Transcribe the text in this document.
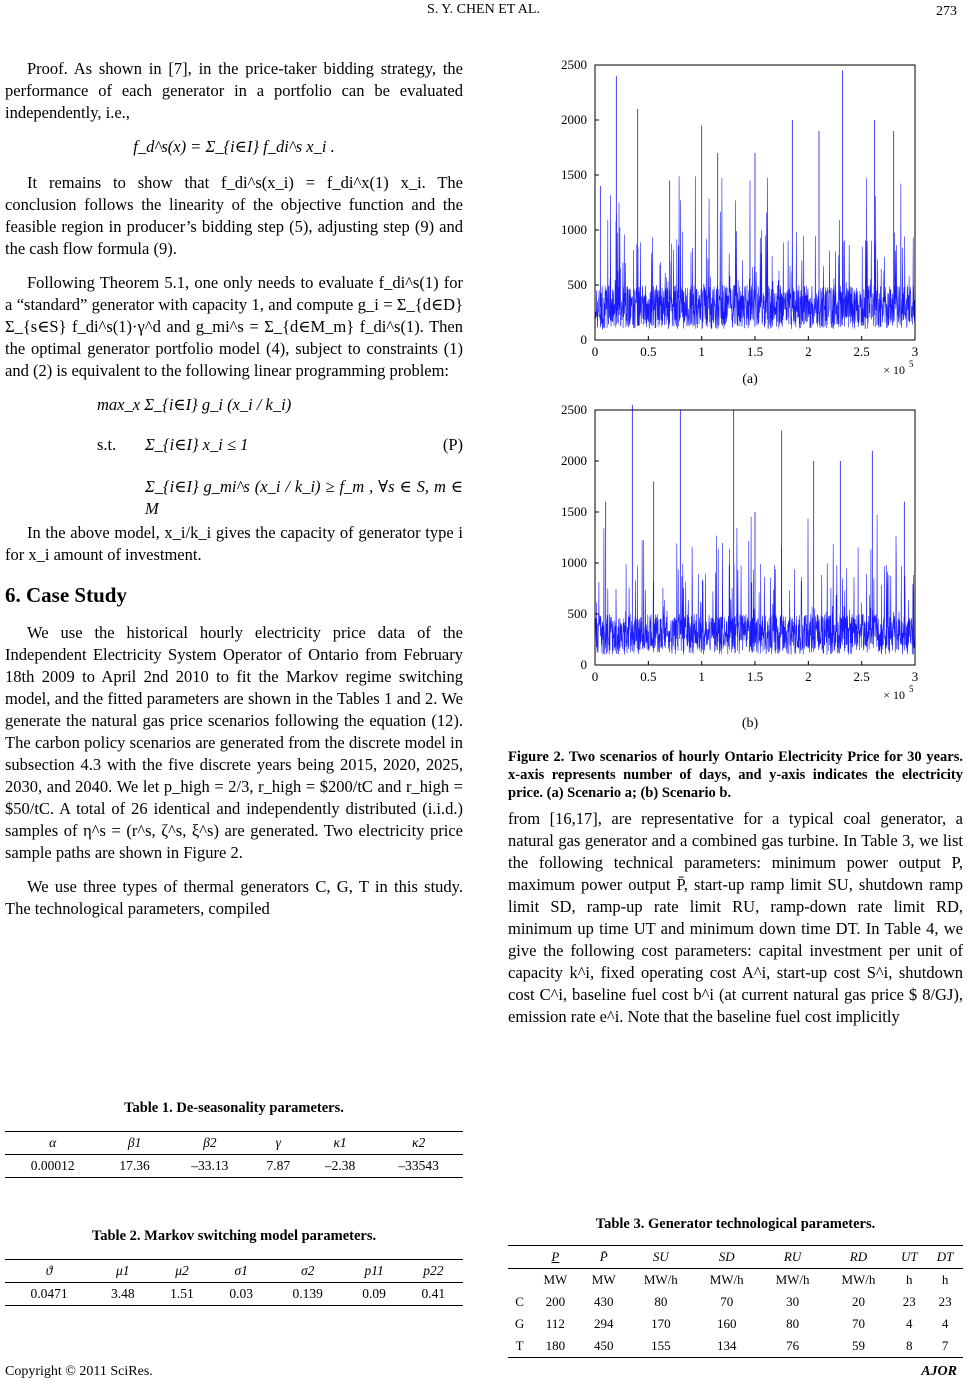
S. Y. CHEN ET AL.	273

Proof. As shown in [7], in the price-taker bidding strategy, the performance of each generator in a portfolio can be evaluated independently, i.e.,

f_d^s(x) = Σ_{i∈I} f_di^s x_i .

It remains to show that f_di^s(x_i) = f_di^x(1) x_i. The conclusion follows the linearity of the objective function and the feasible region in producer’s bidding step (5), adjusting step (9) and the cash flow formula (9).

Following Theorem 5.1, one only needs to evaluate f_di^s(1) for a “standard” generator with capacity 1, and compute g_i = Σ_{d∈D} Σ_{s∈S} f_di^s(1)·γ^d and g_mi^s = Σ_{d∈M_m} f_di^s(1). Then the optimal generator portfolio model (4), subject to constraints (1) and (2) is equivalent to the following linear programming problem:

max_x Σ_{i∈I} g_i (x_i / k_i)
s.t. Σ_{i∈I} x_i ≤ 1	(P)
Σ_{i∈I} g_mi^s (x_i / k_i) ≥ f_m , ∀s ∈ S, m ∈ M

In the above model, x_i/k_i gives the capacity of generator type i for x_i amount of investment.

6. Case Study

We use the historical hourly electricity price data of the Independent Electricity System Operator of Ontario from February 18th 2009 to April 2nd 2010 to fit the Markov regime switching model, and the fitted parameters are shown in the Tables 1 and 2. We generate the natural gas price scenarios following the equation (12). The carbon policy scenarios are generated from the discrete model in subsection 4.3 with the five discrete years being 2015, 2020, 2025, 2030, and 2040. We let p_high = 2/3, r_high = $200/tC and r_high = $50/tC. A total of 26 identical and independently distributed (i.i.d.) samples of η^s = (r^s, ζ^s, ξ^s) are generated. Two electricity price sample paths are shown in Figure 2.

We use three types of thermal generators C, G, T in this study. The technological parameters, compiled

Table 1. De-seasonality parameters.
α	β1	β2	γ	κ1	κ2
0.00012	17.36	–33.13	7.87	–2.38	–33543
Table 2. Markov switching model parameters.
ϑ	μ1	μ2	σ1	σ2	p11	p22
0.0471	3.48	1.51	0.03	0.139	0.09	0.41
0	0.5	1	1.5	2	2.5	3
0
500
1000
1500
2000
2500
× 10 5
(a)
0	0.5	1	1.5	2	2.5	3
0
500
1000
1500
2000
2500
× 10 5
(b)
Figure 2. Two scenarios of hourly Ontario Electricity Price for 30 years. x-axis represents number of days, and y-axis indicates the electricity price. (a) Scenario a; (b) Scenario b.

from [16,17], are representative for a typical coal generator, a natural gas generator and a combined gas turbine. In Table 3, we list the following technical parameters: minimum power output P, maximum power output P̄, start-up ramp limit SU, shutdown ramp limit SD, ramp-up rate limit RU, ramp-down rate limit RD, minimum up time UT and minimum down time DT. In Table 4, we give the following cost parameters: capital investment per unit of capacity k^i, fixed operating cost A^i, start-up cost S^i, shutdown cost C^i, baseline fuel cost b^i (at current natural gas price $ 8/GJ), emission rate e^i. Note that the baseline fuel cost implicitly

Table 3. Generator technological parameters.
	P	P̄	SU	SD	RU	RD	UT	DT
	MW	MW	MW/h	MW/h	MW/h	MW/h	h	h
C	200	430	80	70	30	20	23	23
G	112	294	170	160	80	70	4	4
T	180	450	155	134	76	59	8	7
Copyright © 2011 SciRes.	AJOR
